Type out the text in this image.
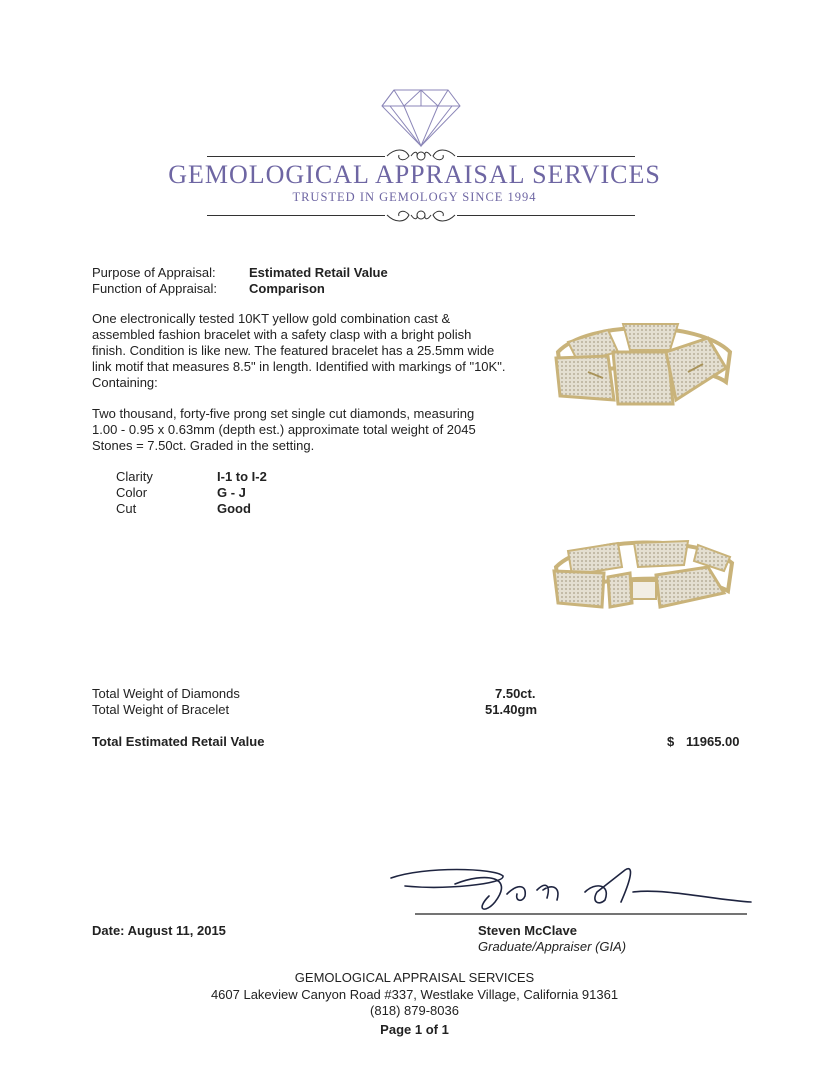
GEMOLOGICAL APPRAISAL SERVICES
TRUSTED IN GEMOLOGY SINCE 1994
Purpose of Appraisal:	Estimated Retail Value
Function of Appraisal: Comparison
One electronically tested 10KT yellow gold combination cast & assembled fashion bracelet with a safety clasp with a bright polish finish. Condition is like new. The featured bracelet has a 25.5mm wide link motif that measures 8.5" in length. Identified with markings of "10K". Containing:
Two thousand, forty-five prong set single cut diamonds, measuring 1.00 - 0.95 x 0.63mm (depth est.) approximate total weight of 2045 Stones = 7.50ct. Graded in the setting.
Clarity	I-1 to I-2
Color	G - J
Cut	Good
Total Weight of Diamonds	7.50ct.
Total Weight of Bracelet	51.40gm
Total Estimated Retail Value	$ 11965.00
Date: August 11, 2015	Steven McClave
Graduate/Appraiser (GIA)
GEMOLOGICAL APPRAISAL SERVICES
4607 Lakeview Canyon Road #337, Westlake Village, California 91361
(818) 879-8036
Page 1 of 1
